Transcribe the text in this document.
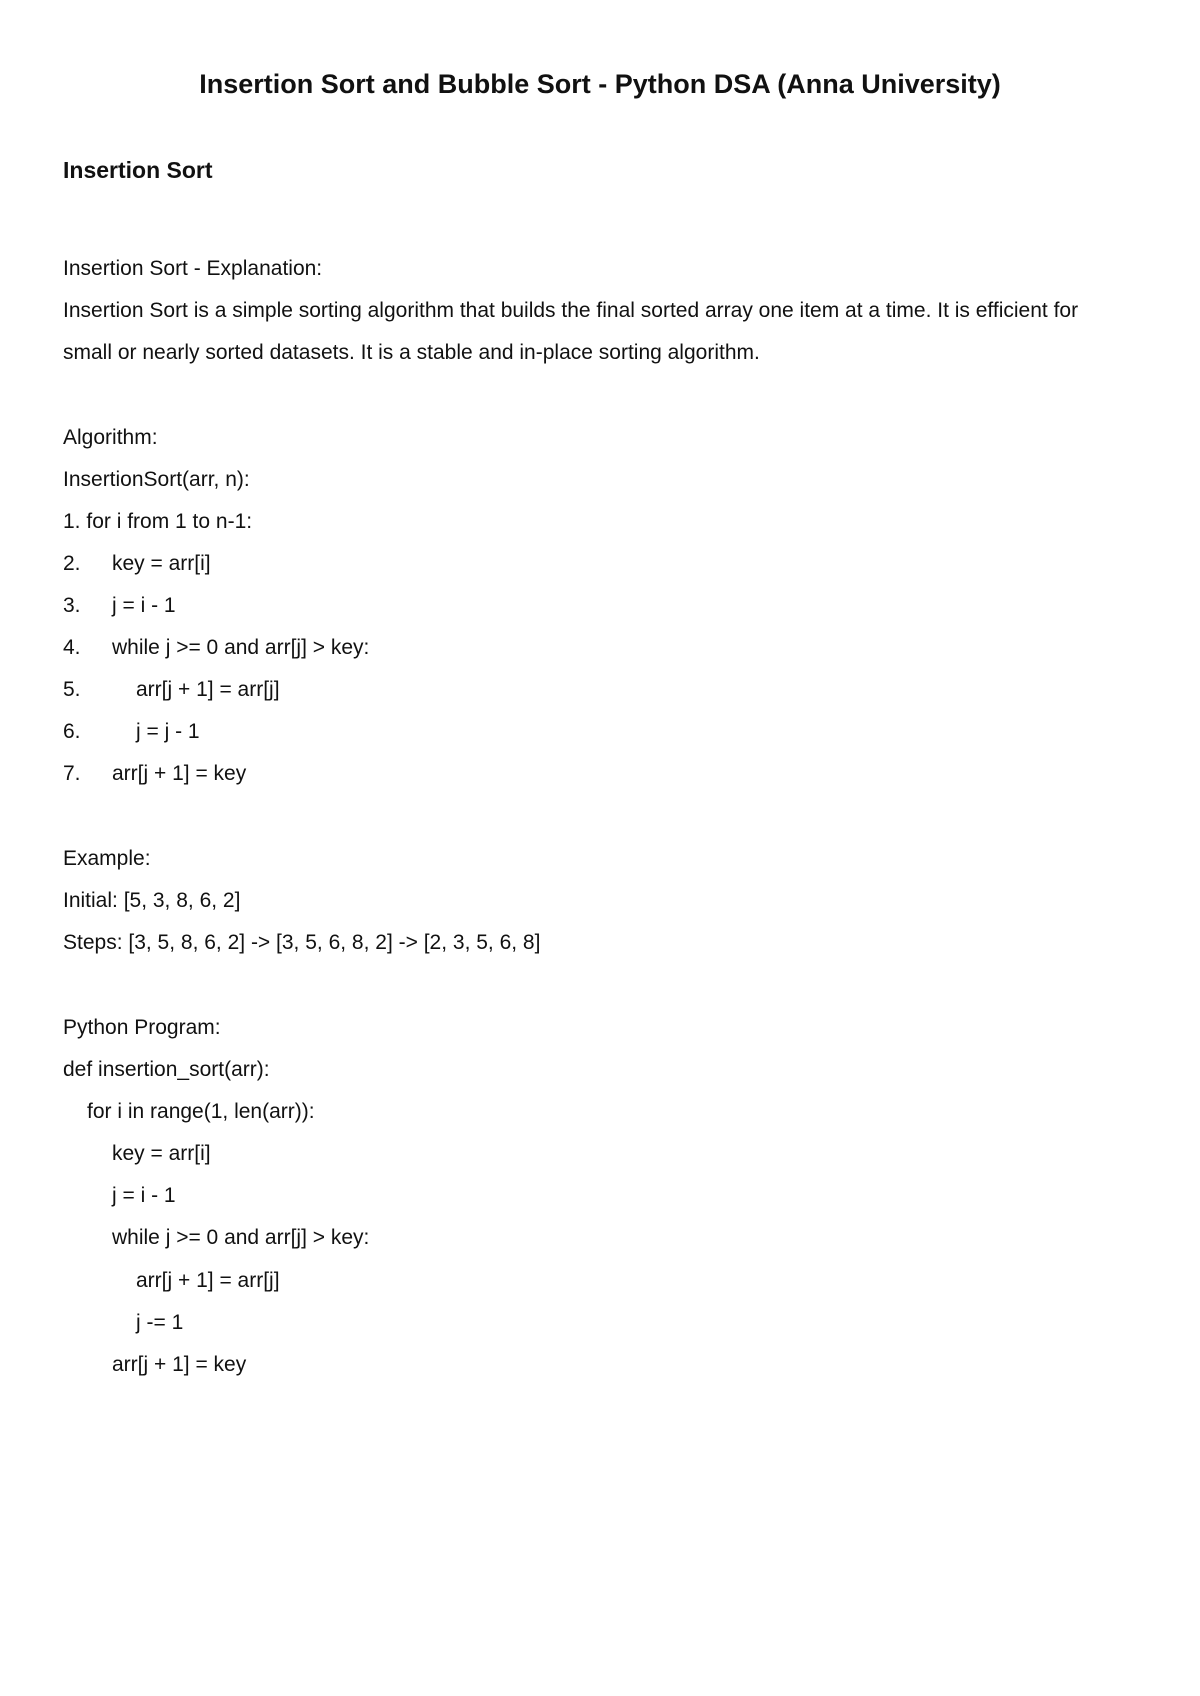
Insertion Sort and Bubble Sort - Python DSA (Anna University)
Insertion Sort

Insertion Sort - Explanation:

Insertion Sort is a simple sorting algorithm that builds the final sorted array one item at a time. It is efficient for

small or nearly sorted datasets. It is a stable and in-place sorting algorithm.

Algorithm:

InsertionSort(arr, n):

1. for i from 1 to n-1:

2. key = arr[i]

3. j = i - 1

4. while j >= 0 and arr[j] > key:

5.	arr[j + 1] = arr[j]

6.	j = j - 1

7. arr[j + 1] = key

Example:

Initial: [5, 3, 8, 6, 2]

Steps: [3, 5, 8, 6, 2] -> [3, 5, 6, 8, 2] -> [2, 3, 5, 6, 8]

Python Program:

def insertion_sort(arr):

for i in range(1, len(arr)):

key = arr[i]

j = i - 1

while j >= 0 and arr[j] > key:

arr[j + 1] = arr[j]

j -= 1

arr[j + 1] = key
